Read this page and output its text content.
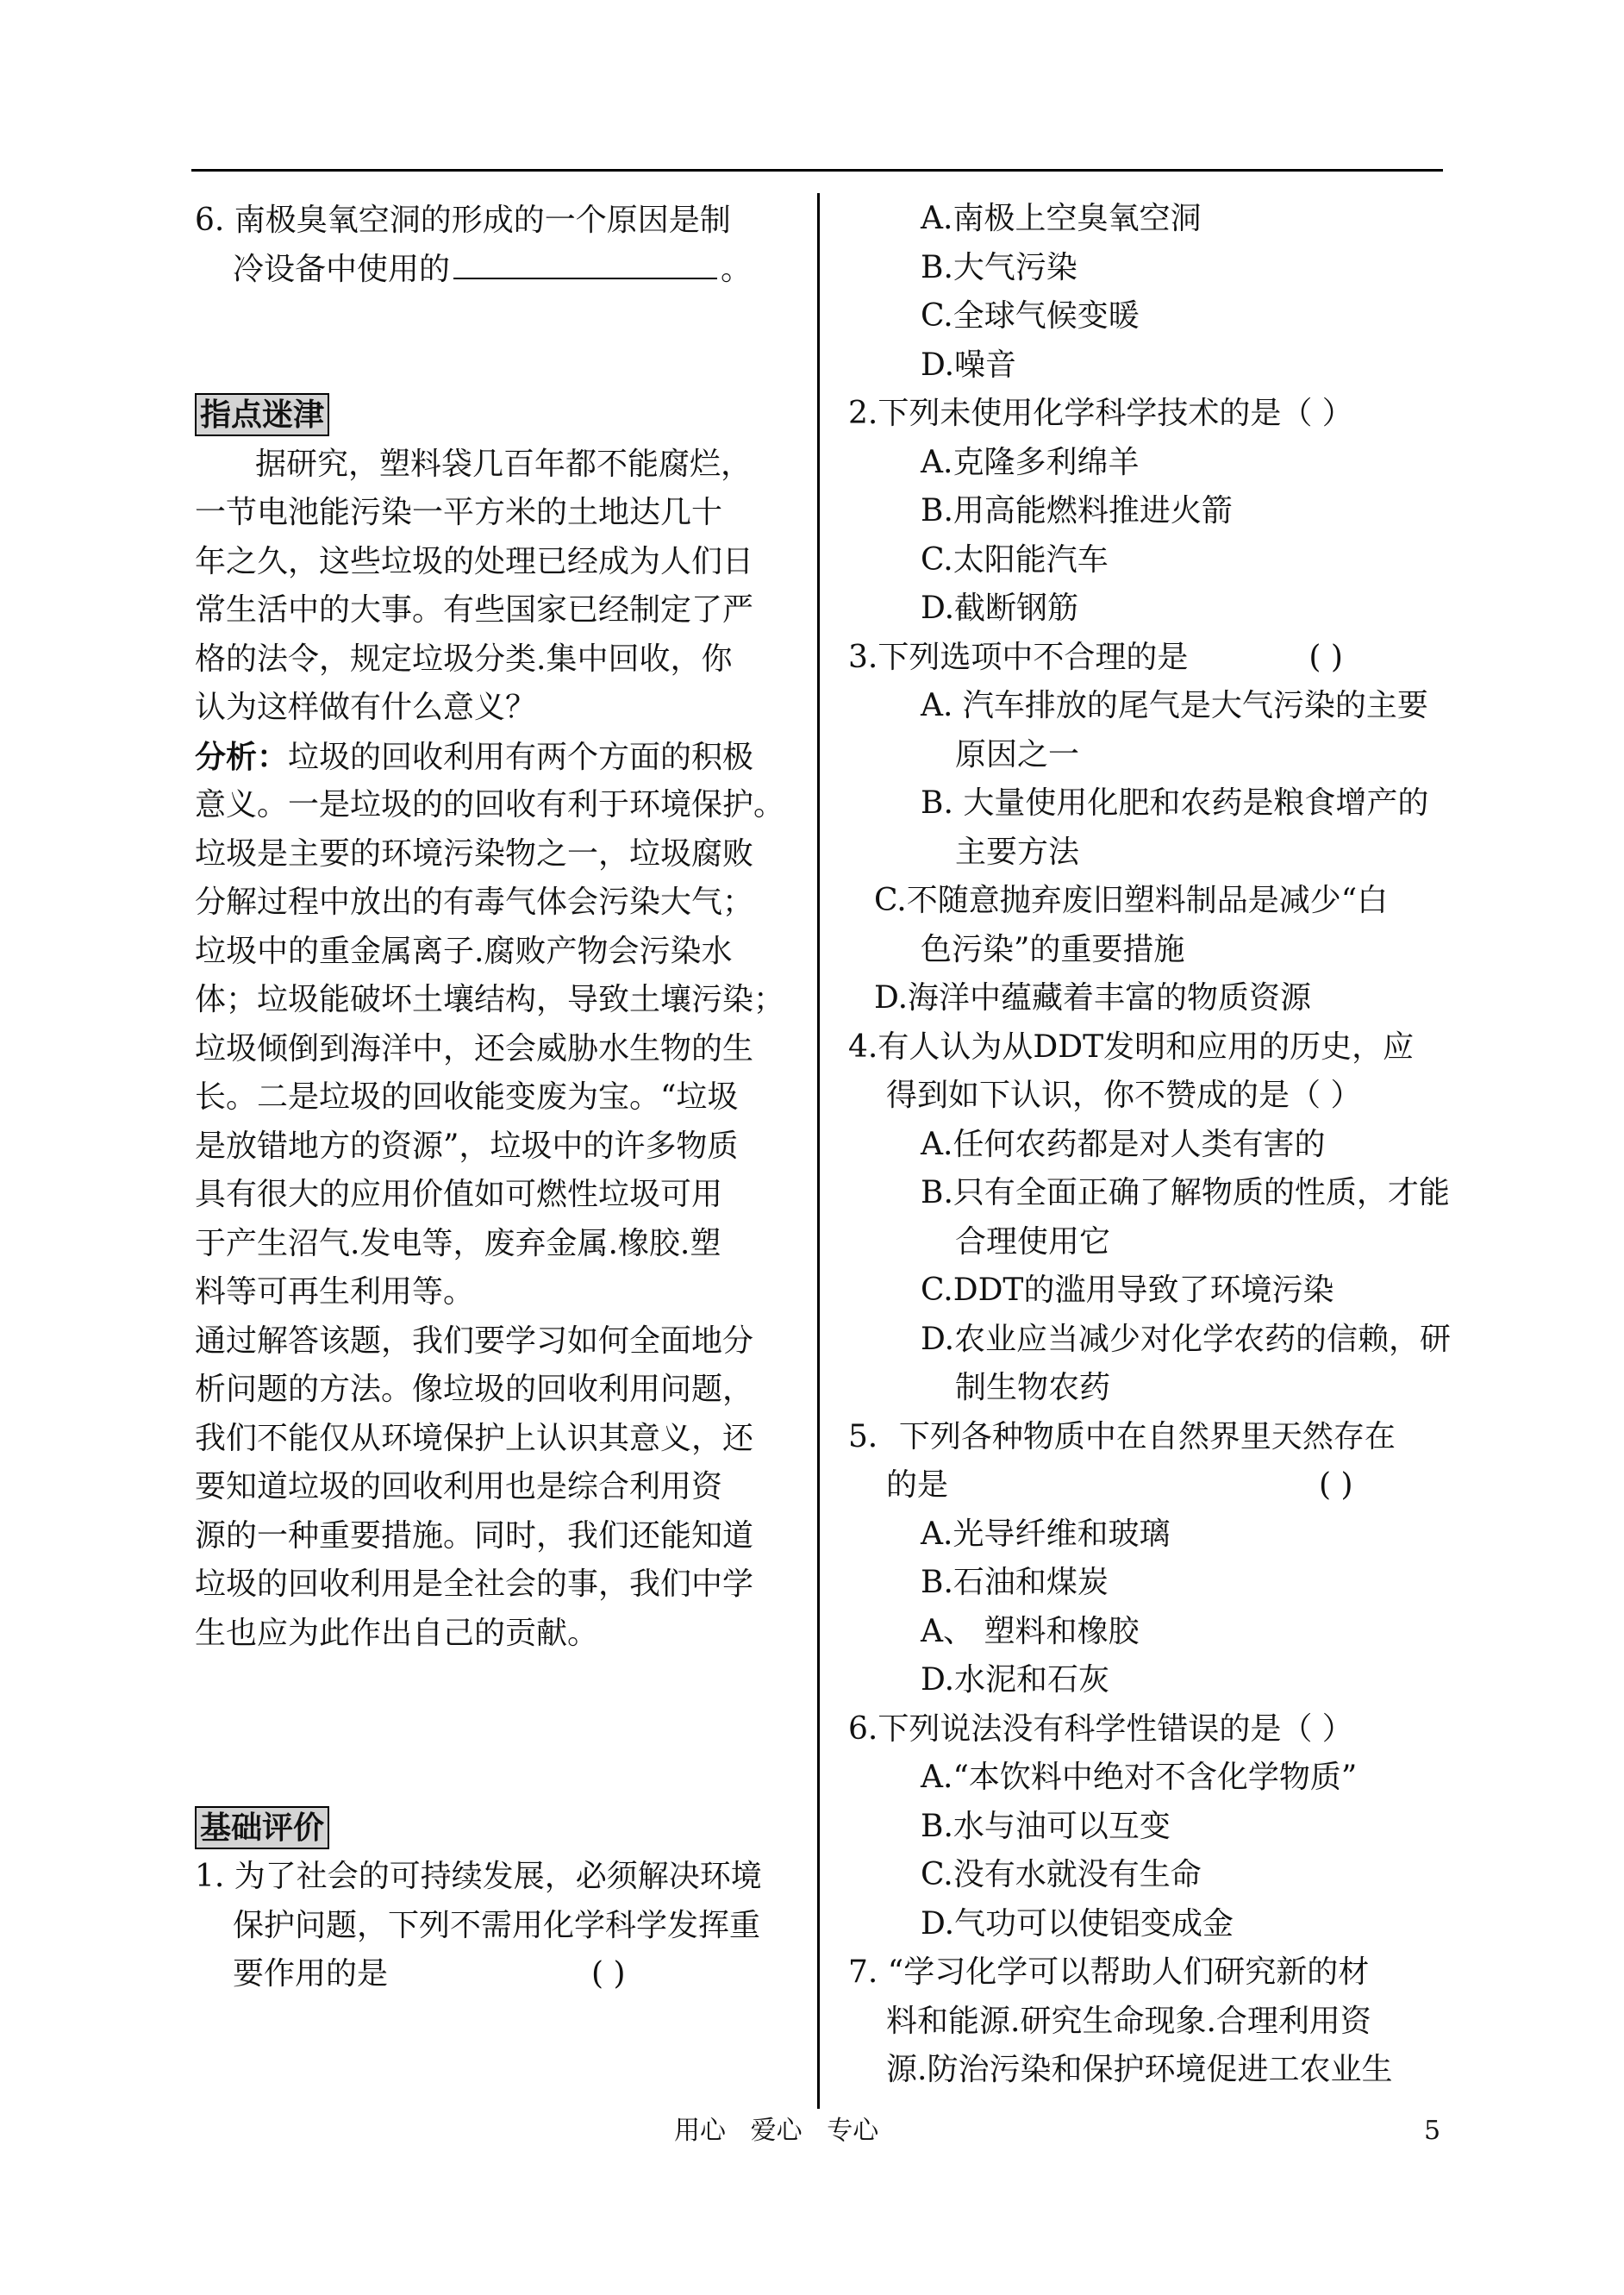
6. 南极臭氧空洞的形成的一个原因是制
冷设备中使用的	。
指点迷津
据研究，塑料袋几百年都不能腐烂，
一节电池能污染一平方米的土地达几十
年之久，这些垃圾的处理已经成为人们日
常生活中的大事。有些国家已经制定了严
格的法令，规定垃圾分类.集中回收，你
认为这样做有什么意义？
分析：垃圾的回收利用有两个方面的积极
意义。一是垃圾的的回收有利于环境保护。
垃圾是主要的环境污染物之一，垃圾腐败
分解过程中放出的有毒气体会污染大气；
垃圾中的重金属离子.腐败产物会污染水
体；垃圾能破坏土壤结构，导致土壤污染；
垃圾倾倒到海洋中，还会威胁水生物的生
长。二是垃圾的回收能变废为宝。“垃圾
是放错地方的资源”，垃圾中的许多物质
具有很大的应用价值如可燃性垃圾可用
于产生沼气.发电等，废弃金属.橡胶.塑
料等可再生利用等。
通过解答该题，我们要学习如何全面地分
析问题的方法。像垃圾的回收利用问题，
我们不能仅从环境保护上认识其意义，还
要知道垃圾的回收利用也是综合利用资
源的一种重要措施。同时，我们还能知道
垃圾的回收利用是全社会的事，我们中学
生也应为此作出自己的贡献。
基础评价
1. 为了社会的可持续发展，必须解决环境
保护问题，下列不需用化学科学发挥重
要作用的是	( )
A.南极上空臭氧空洞
B.大气污染
C.全球气候变暖
D.噪音
2.下列未使用化学科学技术的是（ ）
A.克隆多利绵羊
B.用高能燃料推进火箭
C.太阳能汽车
D.截断钢筋
3.下列选项中不合理的是	( )
A. 汽车排放的尾气是大气污染的主要
原因之一
B. 大量使用化肥和农药是粮食增产的
主要方法
C.不随意抛弃废旧塑料制品是减少“白
色污染”的重要措施
D.海洋中蕴藏着丰富的物质资源
4.有人认为从DDT发明和应用的历史，应
得到如下认识，你不赞成的是（ ）
A.任何农药都是对人类有害的
B.只有全面正确了解物质的性质，才能
合理使用它
C.DDT的滥用导致了环境污染
D.农业应当减少对化学农药的信赖，研
制生物农药
5．下列各种物质中在自然界里天然存在
的是	( )
A.光导纤维和玻璃
B.石油和煤炭
A、 塑料和橡胶
D.水泥和石灰
6.下列说法没有科学性错误的是（ ）
A.“本饮料中绝对不含化学物质”
B.水与油可以互变
C.没有水就没有生命
D.气功可以使铝变成金
7. “学习化学可以帮助人们研究新的材
料和能源.研究生命现象.合理利用资
源.防治污染和保护环境促进工农业生
用心   爱心   专心	5
